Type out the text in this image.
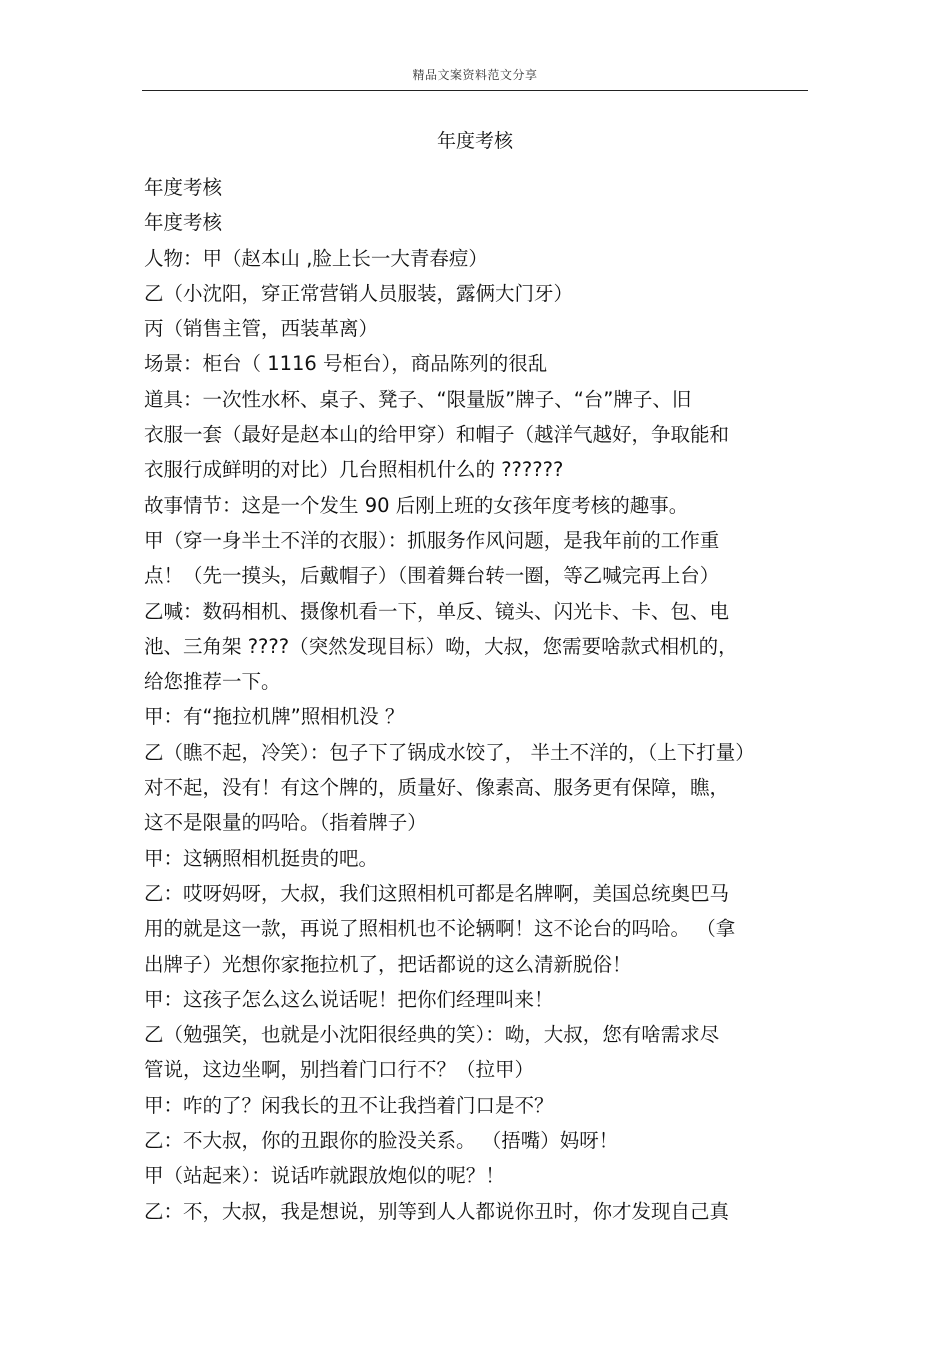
精品文案资料范文分享
年度考核
年度考核
年度考核
人物：甲（赵本山 ,脸上长一大青春痘）
乙（小沈阳，穿正常营销人员服装，露俩大门牙）
丙（销售主管，西装革离）
场景：柜台（ 1116 号柜台），商品陈列的很乱
道具：一次性水杯、桌子、凳子、“限量版”牌子、“台”牌子、旧
衣服一套（最好是赵本山的给甲穿）和帽子（越洋气越好，争取能和
衣服行成鲜明的对比）几台照相机什么的 ??????
故事情节：这是一个发生 90 后刚上班的女孩年度考核的趣事。
甲（穿一身半土不洋的衣服）：抓服务作风问题，是我年前的工作重
点！（先一摸头，后戴帽子）（围着舞台转一圈，等乙喊完再上台）
乙喊：数码相机、摄像机看一下，单反、镜头、闪光卡、卡、包、电
池、三角架 ????（突然发现目标）呦，大叔，您需要啥款式相机的，
给您推荐一下。
甲：有“拖拉机牌”照相机没 ？
乙（瞧不起，冷笑）：包子下了锅成水饺了， 半土不洋的，（上下打量）
对不起，没有！有这个牌的，质量好、像素高、服务更有保障，瞧，
这不是限量的吗哈。（指着牌子）
甲：这辆照相机挺贵的吧。
乙：哎呀妈呀，大叔，我们这照相机可都是名牌啊，美国总统奥巴马
用的就是这一款，再说了照相机也不论辆啊！这不论台的吗哈。 （拿
出牌子）光想你家拖拉机了，把话都说的这么清新脱俗！
甲：这孩子怎么这么说话呢！把你们经理叫来！
乙（勉强笑，也就是小沈阳很经典的笑）：呦，大叔，您有啥需求尽
管说，这边坐啊，别挡着门口行不？（拉甲）
甲：咋的了？闲我长的丑不让我挡着门口是不？
乙：不大叔，你的丑跟你的脸没关系。 （捂嘴）妈呀！
甲（站起来）：说话咋就跟放炮似的呢？！
乙：不，大叔，我是想说，别等到人人都说你丑时，你才发现自己真
